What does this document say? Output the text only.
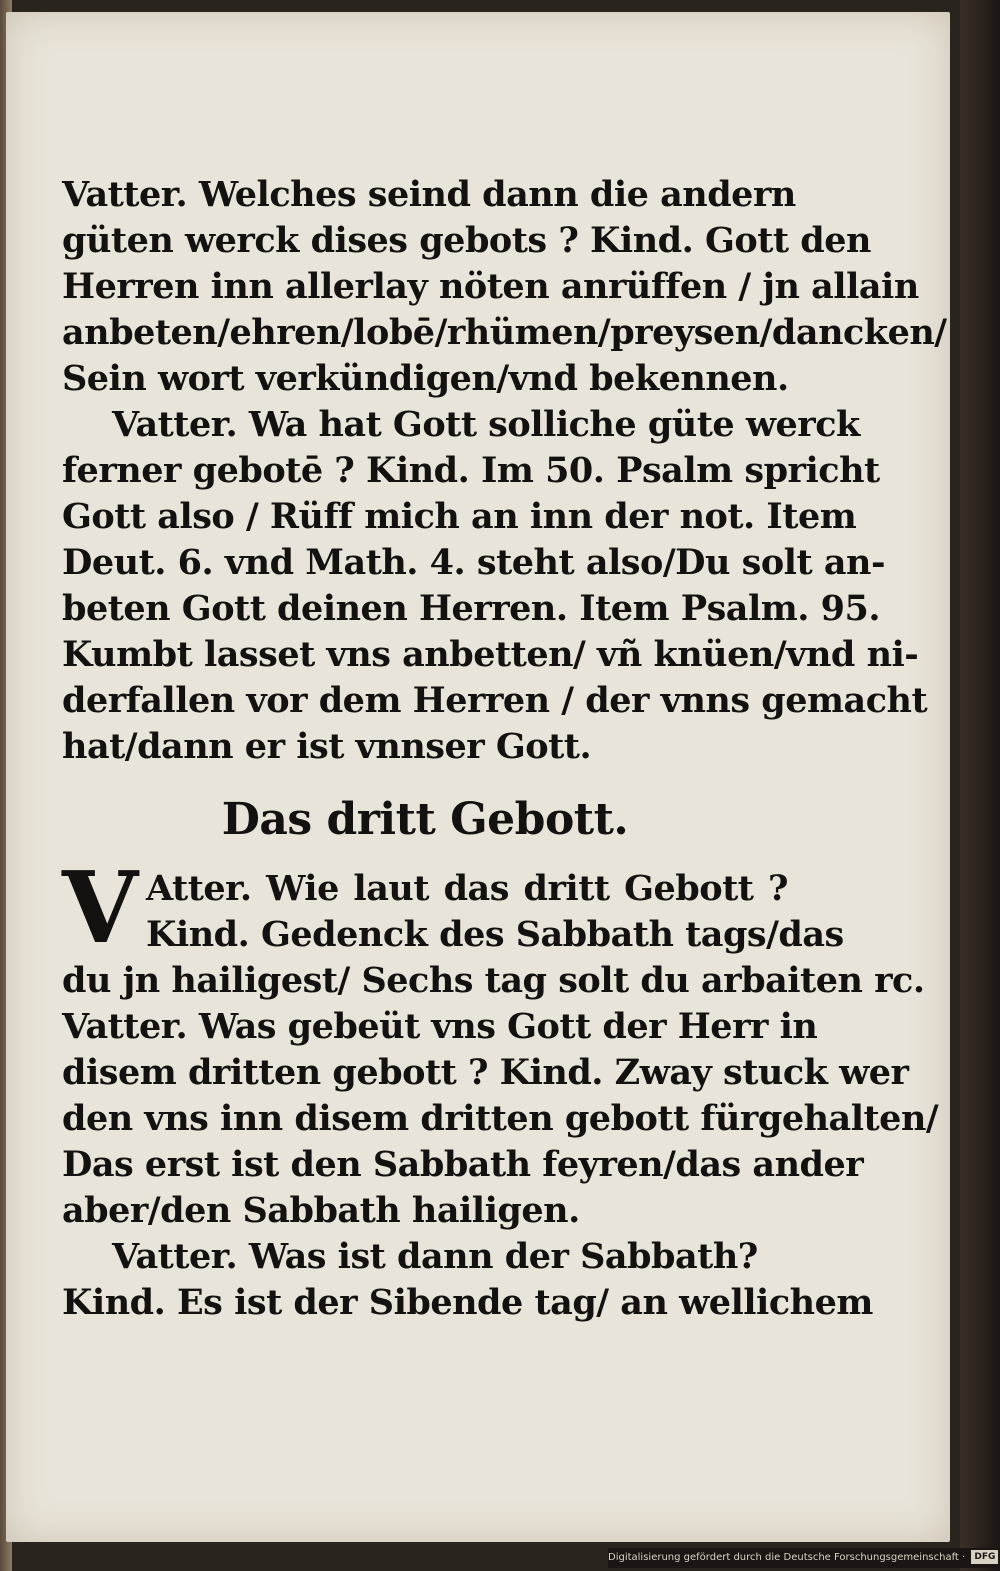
Vatter. Welches seind dann die andern
güten werck dises gebots ? Kind. Gott den
Herren inn allerlay nöten anrüffen / jn allain
anbeten/ehren/lobē/rhümen/preysen/dancken/
Sein wort verkündigen/vnd bekennen.
Vatter. Wa hat Gott solliche güte werck
ferner gebotē ? Kind. Im 50. Psalm spricht
Gott also / Rüff mich an inn der not. Item
Deut. 6. vnd Math. 4. steht also/Du solt an-
beten Gott deinen Herren. Item Psalm. 95.
Kumbt lasset vns anbetten/ vñ knüen/vnd ni-
derfallen vor dem Herren / der vnns gemacht
hat/dann er ist vnnser Gott.
Das dritt Gebott.
V Atter. Wie laut das dritt Gebott ?
Kind. Gedenck des Sabbath tags/das
du jn hailigest/ Sechs tag solt du arbaiten rc.
Vatter. Was gebeüt vns Gott der Herr in
disem dritten gebott ? Kind. Zway stuck wer
den vns inn disem dritten gebott fürgehalten/
Das erst ist den Sabbath feyren/das ander
aber/den Sabbath hailigen.
Vatter. Was ist dann der Sabbath?
Kind. Es ist der Sibende tag/ an wellichem
Digitalisierung gefördert durch die Deutsche Forschungsgemeinschaft · DFG
